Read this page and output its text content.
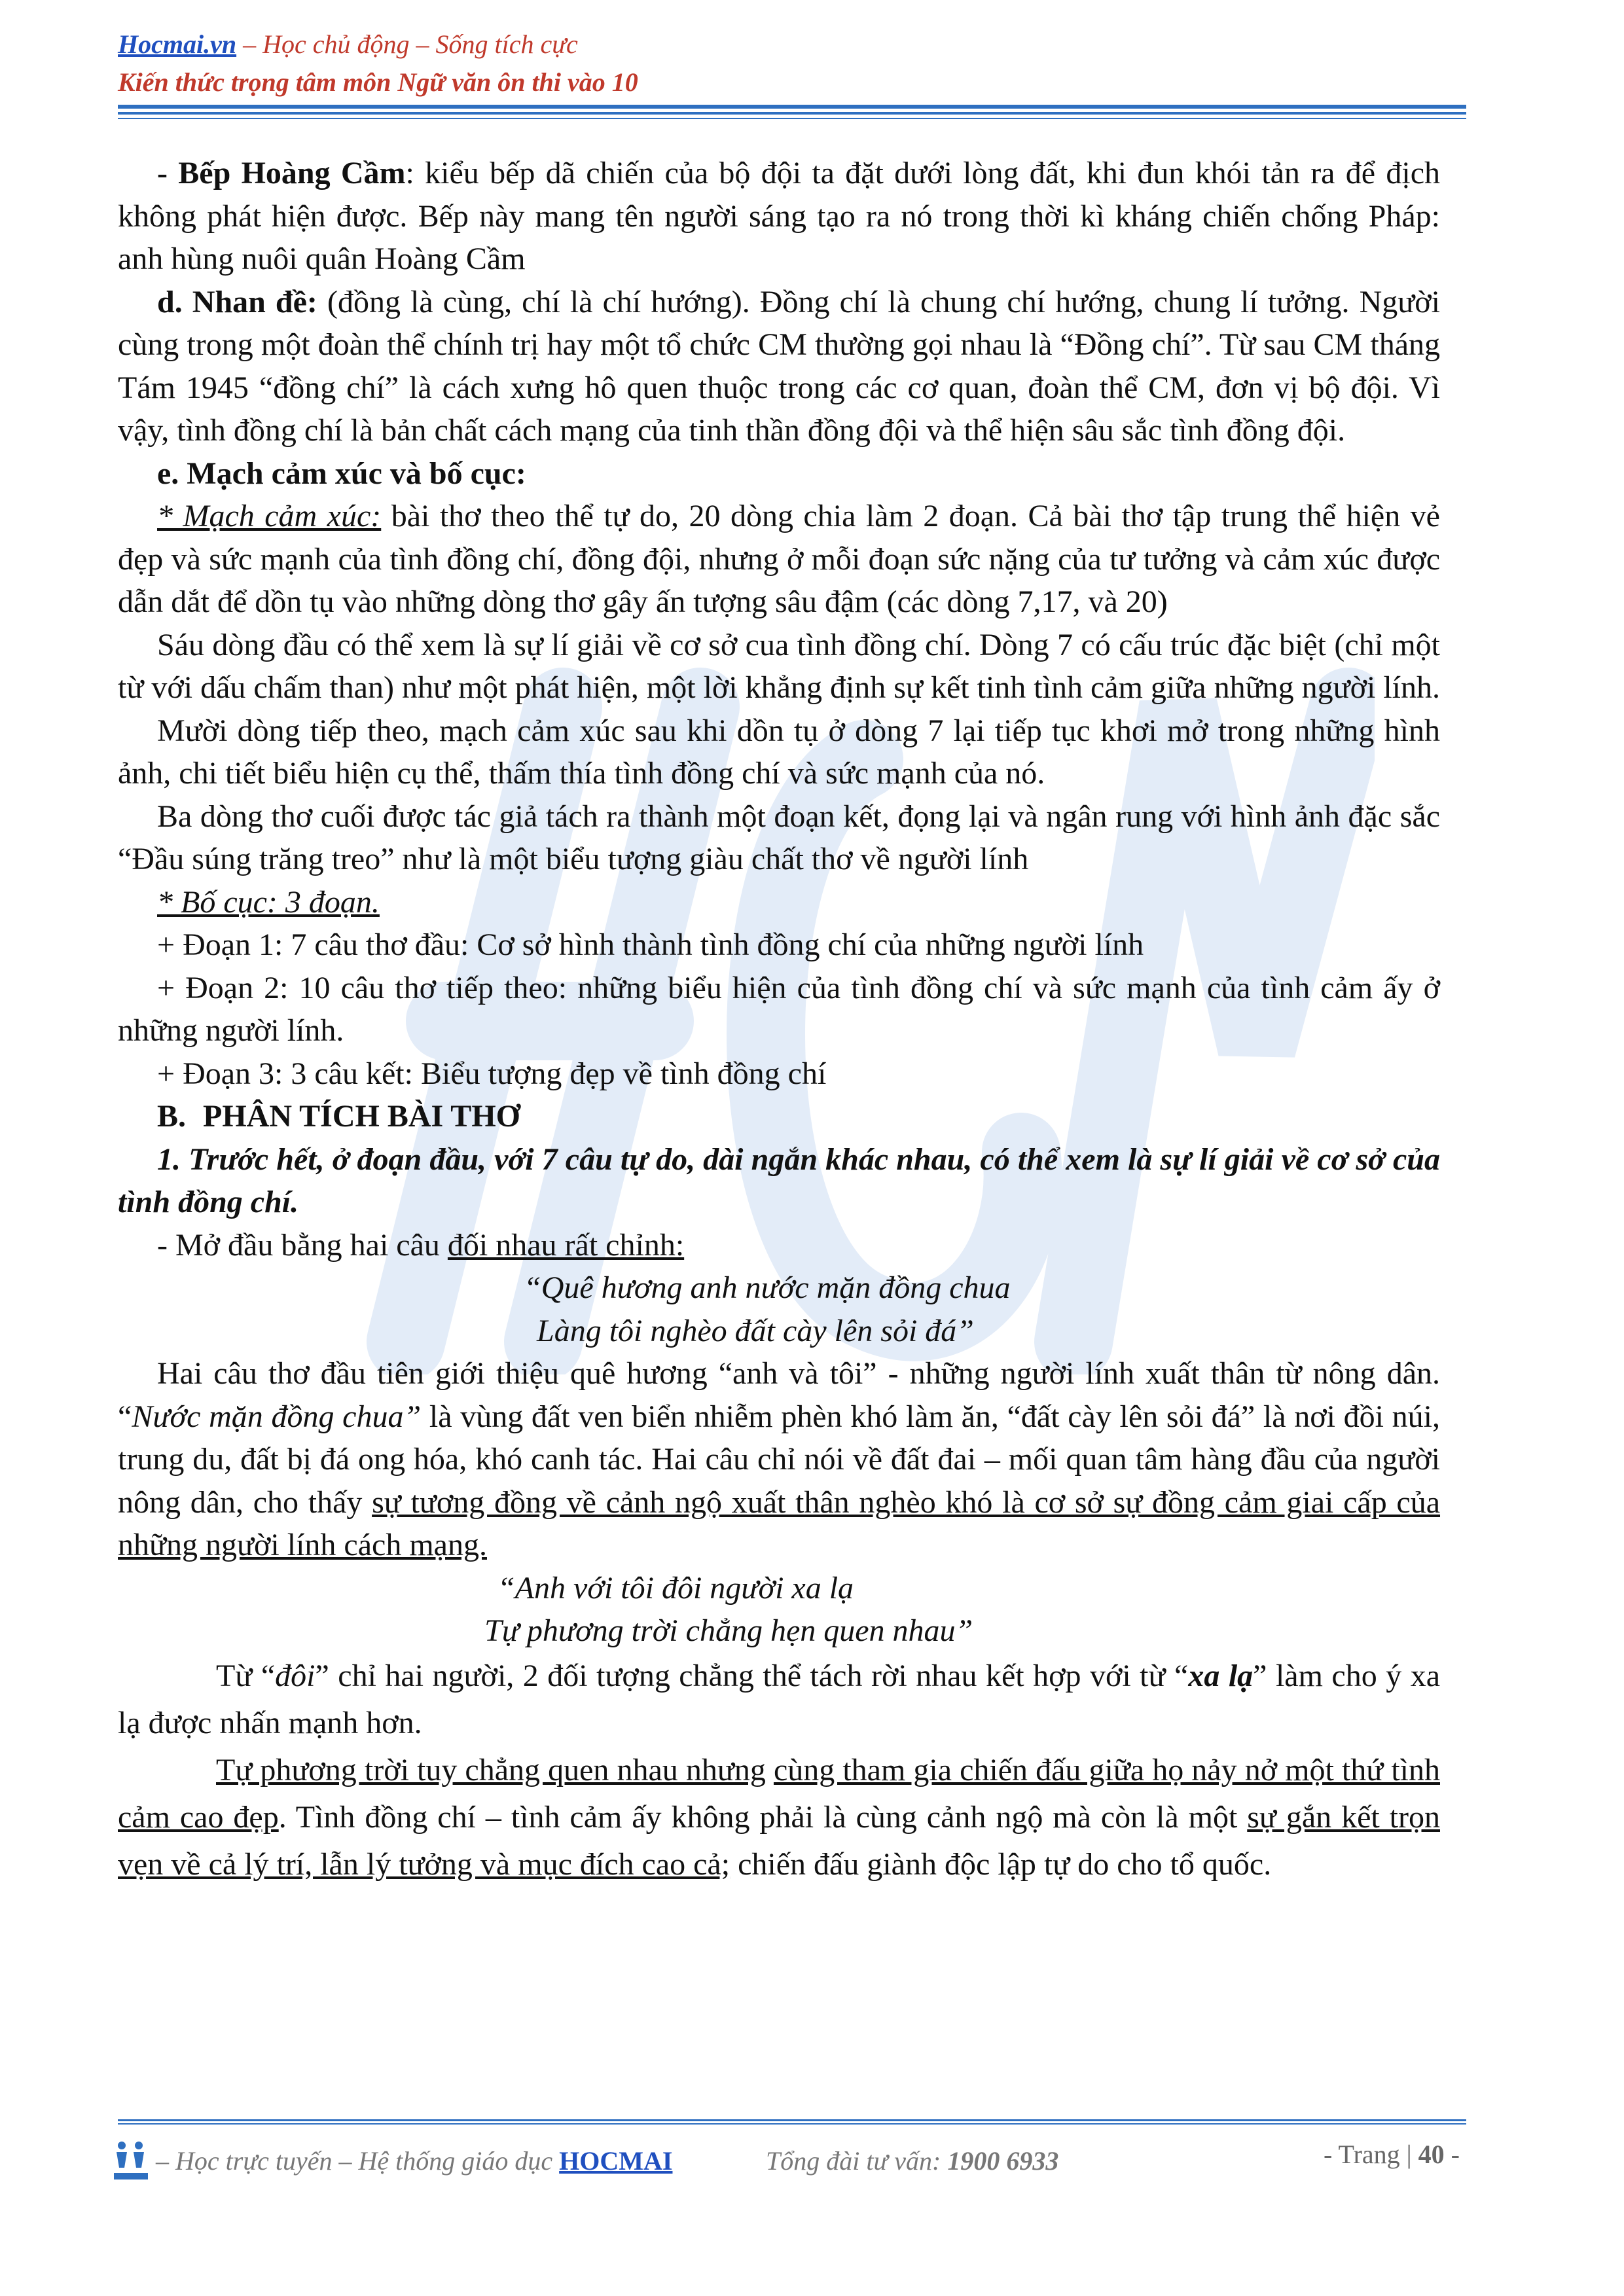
Hocmai.vn – Học chủ động – Sống tích cực
Kiến thức trọng tâm môn Ngữ văn ôn thi vào 10

- Bếp Hoàng Cầm: kiểu bếp dã chiến của bộ đội ta đặt dưới lòng đất, khi đun khói tản ra để địch không phát hiện được. Bếp này mang tên người sáng tạo ra nó trong thời kì kháng chiến chống Pháp: anh hùng nuôi quân Hoàng Cầm

d. Nhan đề: (đồng là cùng, chí là chí hướng). Đồng chí là chung chí hướng, chung lí tưởng. Người cùng trong một đoàn thể chính trị hay một tổ chức CM thường gọi nhau là “Đồng chí”. Từ sau CM tháng Tám 1945 “đồng chí” là cách xưng hô quen thuộc trong các cơ quan, đoàn thể CM, đơn vị bộ đội. Vì vậy, tình đồng chí là bản chất cách mạng của tinh thần đồng đội và thể hiện sâu sắc tình đồng đội.

e. Mạch cảm xúc và bố cục:

* Mạch cảm xúc: bài thơ theo thể tự do, 20 dòng chia làm 2 đoạn. Cả bài thơ tập trung thể hiện vẻ đẹp và sức mạnh của tình đồng chí, đồng đội, nhưng ở mỗi đoạn sức nặng của tư tưởng và cảm xúc được dẫn dắt để dồn tụ vào những dòng thơ gây ấn tượng sâu đậm (các dòng 7,17, và 20)

Sáu dòng đầu có thể xem là sự lí giải về cơ sở cua tình đồng chí. Dòng 7 có cấu trúc đặc biệt (chỉ một từ với dấu chấm than) như một phát hiện, một lời khẳng định sự kết tinh tình cảm giữa những người lính.

Mười dòng tiếp theo, mạch cảm xúc sau khi dồn tụ ở dòng 7 lại tiếp tục khơi mở trong những hình ảnh, chi tiết biểu hiện cụ thể, thấm thía tình đồng chí và sức mạnh của nó.

Ba dòng thơ cuối được tác giả tách ra thành một đoạn kết, đọng lại và ngân rung với hình ảnh đặc sắc “Đầu súng trăng treo” như là một biểu tượng giàu chất thơ về người lính

* Bố cục: 3 đoạn.

+ Đoạn 1: 7 câu thơ đầu: Cơ sở hình thành tình đồng chí của những người lính

+ Đoạn 2: 10 câu thơ tiếp theo: những biểu hiện của tình đồng chí và sức mạnh của tình cảm ấy ở những người lính.

+ Đoạn 3: 3 câu kết: Biểu tượng đẹp về tình đồng chí

B. PHÂN TÍCH BÀI THƠ

1. Trước hết, ở đoạn đầu, với 7 câu tự do, dài ngắn khác nhau, có thể xem là sự lí giải về cơ sở của tình đồng chí.

- Mở đầu bằng hai câu đối nhau rất chỉnh:

“Quê hương anh nước mặn đồng chua

Làng tôi nghèo đất cày lên sỏi đá”

Hai câu thơ đầu tiên giới thiệu quê hương “anh và tôi” - những người lính xuất thân từ nông dân. “Nước mặn đồng chua” là vùng đất ven biển nhiễm phèn khó làm ăn, “đất cày lên sỏi đá” là nơi đồi núi, trung du, đất bị đá ong hóa, khó canh tác. Hai câu chỉ nói về đất đai – mối quan tâm hàng đầu của người nông dân, cho thấy sự tương đồng về cảnh ngộ xuất thân nghèo khó là cơ sở sự đồng cảm giai cấp của những người lính cách mạng.

“Anh với tôi đôi người xa lạ

Tự phương trời chẳng hẹn quen nhau”

Từ “đôi” chỉ hai người, 2 đối tượng chẳng thể tách rời nhau kết hợp với từ “xa lạ” làm cho ý xa lạ được nhấn mạnh hơn.

Tự phương trời tuy chẳng quen nhau nhưng cùng tham gia chiến đấu giữa họ nảy nở một thứ tình cảm cao đẹp. Tình đồng chí – tình cảm ấy không phải là cùng cảnh ngộ mà còn là một sự gắn kết trọn vẹn về cả lý trí, lẫn lý tưởng và mục đích cao cả; chiến đấu giành độc lập tự do cho tổ quốc.

– Học trực tuyến – Hệ thống giáo dục HOCMAI	Tổng đài tư vấn: 1900 6933	- Trang | 40 -
